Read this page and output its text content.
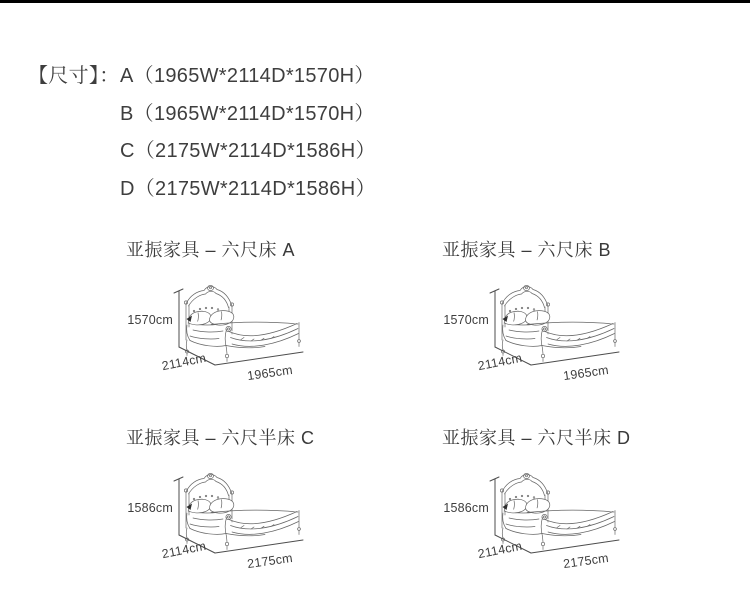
【尺寸】： A（1965W*2114D*1570H）
B（1965W*2114D*1570H）
C（2175W*2114D*1586H）
D（2175W*2114D*1586H）
亚振家具 – 六尺床 A
1570cm
2114cm	1965cm
亚振家具 – 六尺床 B
1570cm
2114cm	1965cm
亚振家具 – 六尺半床 C
1586cm
2114cm	2175cm
亚振家具 – 六尺半床 D
1586cm
2114cm	2175cm
